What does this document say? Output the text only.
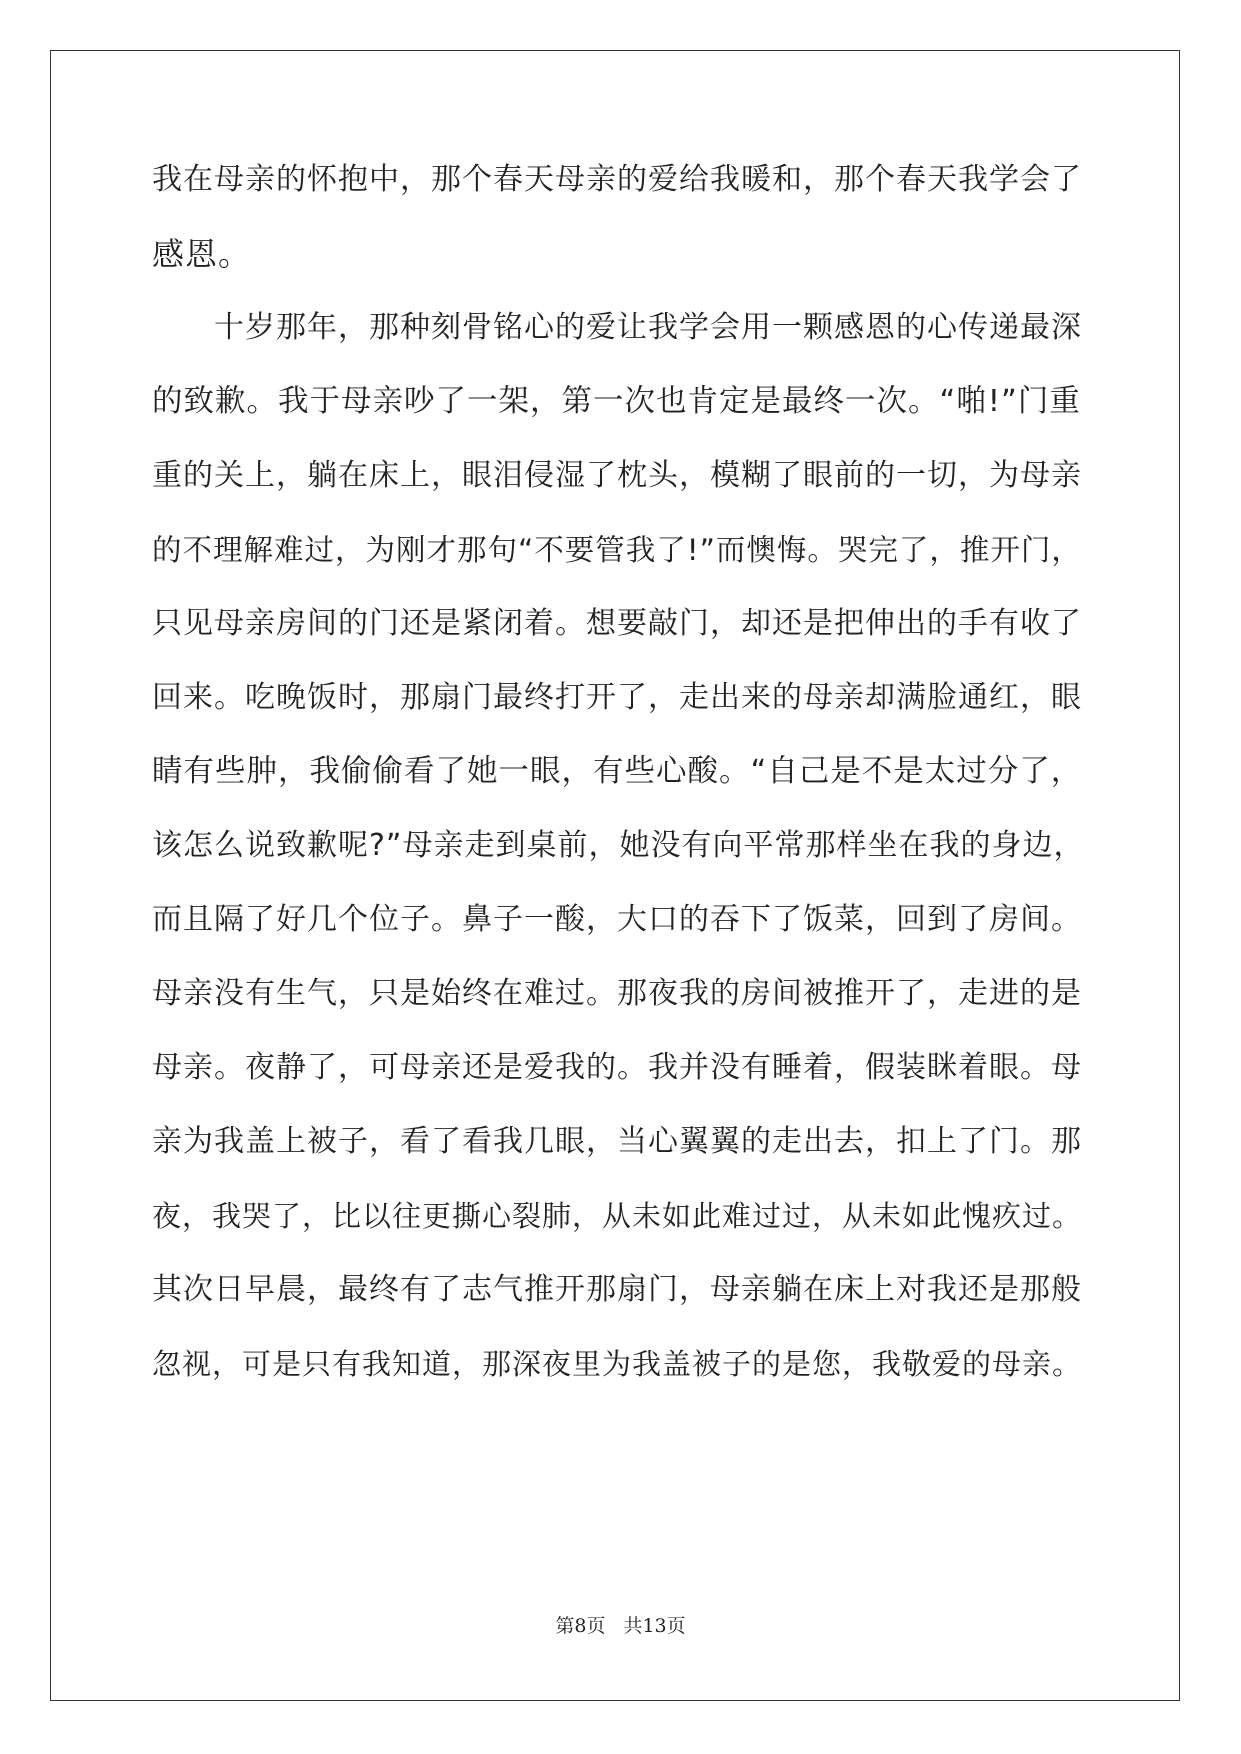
我在母亲的怀抱中，那个春天母亲的爱给我暖和，那个春天我学会了
感恩。
　　十岁那年，那种刻骨铭心的爱让我学会用一颗感恩的心传递最深
的致歉。我于母亲吵了一架，第一次也肯定是最终一次。“啪!”门重
重的关上，躺在床上，眼泪侵湿了枕头，模糊了眼前的一切，为母亲
的不理解难过，为刚才那句“不要管我了!”而懊悔。哭完了，推开门，
只见母亲房间的门还是紧闭着。想要敲门，却还是把伸出的手有收了
回来。吃晚饭时，那扇门最终打开了，走出来的母亲却满脸通红，眼
睛有些肿，我偷偷看了她一眼，有些心酸。“自己是不是太过分了，
该怎么说致歉呢?”母亲走到桌前，她没有向平常那样坐在我的身边，
而且隔了好几个位子。鼻子一酸，大口的吞下了饭菜，回到了房间。
母亲没有生气，只是始终在难过。那夜我的房间被推开了，走进的是
母亲。夜静了，可母亲还是爱我的。我并没有睡着，假装眯着眼。母
亲为我盖上被子，看了看我几眼，当心翼翼的走出去，扣上了门。那
夜，我哭了，比以往更撕心裂肺，从未如此难过过，从未如此愧疚过。
其次日早晨，最终有了志气推开那扇门，母亲躺在床上对我还是那般
忽视，可是只有我知道，那深夜里为我盖被子的是您，我敬爱的母亲。
第8页 共13页
